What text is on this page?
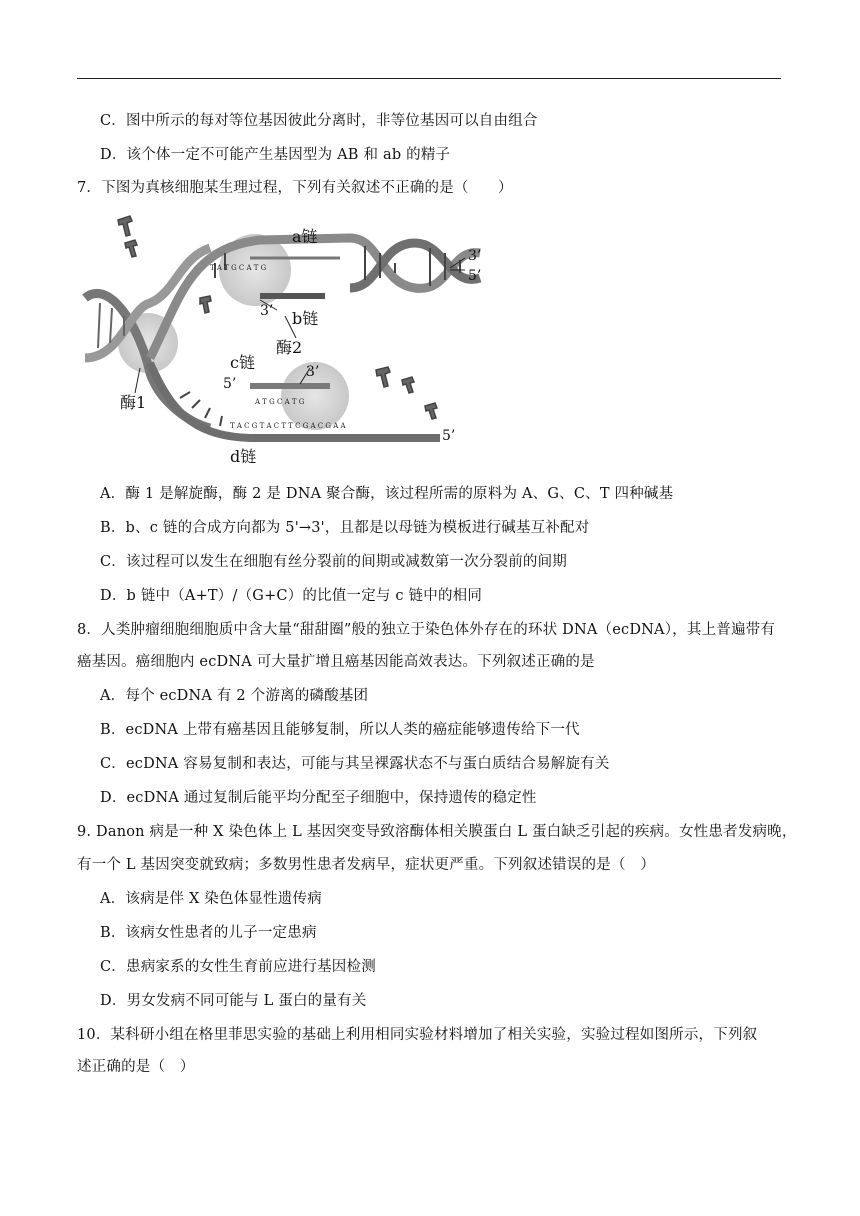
C．图中所示的每对等位基因彼此分离时，非等位基因可以自由组合
D．该个体一定不可能产生基因型为 AB 和 ab 的精子
7．下图为真核细胞某生理过程，下列有关叙述不正确的是（　　）
T A T G C A T G
T A C G T A C T T C G A C G A A
A T G C A T G
a链
3’
5’
3’ b链
酶2
c链	3’
5’
酶1
5’
d链
A．酶 1 是解旋酶，酶 2 是 DNA 聚合酶，该过程所需的原料为 A、G、C、T 四种碱基
B．b、c 链的合成方向都为 5'→3'，且都是以母链为模板进行碱基互补配对
C．该过程可以发生在细胞有丝分裂前的间期或减数第一次分裂前的间期
D．b 链中（A+T）/（G+C）的比值一定与 c 链中的相同
8．人类肿瘤细胞细胞质中含大量“甜甜圈”般的独立于染色体外存在的环状 DNA（ecDNA），其上普遍带有
癌基因。癌细胞内 ecDNA 可大量扩增且癌基因能高效表达。下列叙述正确的是
A．每个 ecDNA 有 2 个游离的磷酸基团
B．ecDNA 上带有癌基因且能够复制，所以人类的癌症能够遗传给下一代
C．ecDNA 容易复制和表达，可能与其呈裸露状态不与蛋白质结合易解旋有关
D．ecDNA 通过复制后能平均分配至子细胞中，保持遗传的稳定性
9. Danon 病是一种 X 染色体上 L 基因突变导致溶酶体相关膜蛋白 L 蛋白缺乏引起的疾病。女性患者发病晚，
有一个 L 基因突变就致病；多数男性患者发病早，症状更严重。下列叙述错误的是（　）
A．该病是伴 X 染色体显性遗传病
B．该病女性患者的儿子一定患病
C．患病家系的女性生育前应进行基因检测
D．男女发病不同可能与 L 蛋白的量有关
10．某科研小组在格里菲思实验的基础上利用相同实验材料增加了相关实验，实验过程如图所示，下列叙
述正确的是（　）
